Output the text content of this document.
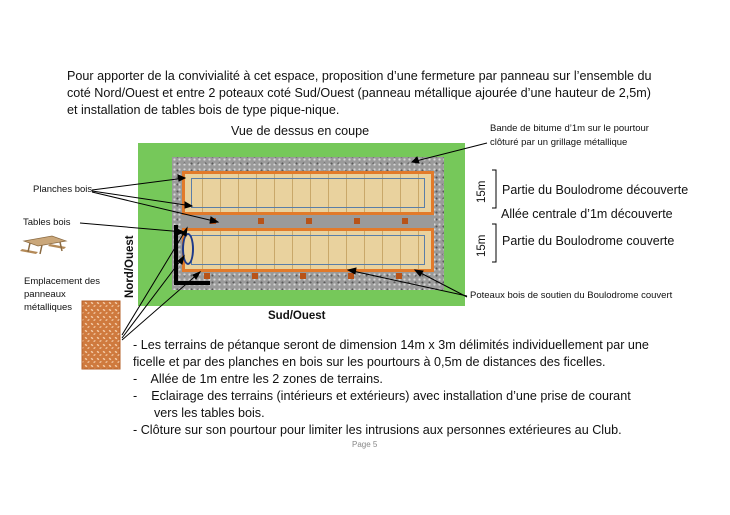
Pour apporter de la convivialité à cet espace, proposition d’une fermeture par panneau sur l’ensemble du
coté Nord/Ouest et entre 2 poteaux coté Sud/Ouest (panneau métallique ajourée d’une hauteur de 2,5m)
et installation de tables bois de type pique-nique.
Vue de dessus en coupe	Bande de bitume d’1m sur le pourtour
clôturé par un grillage métallique
Planches bois
Tables bois
Emplacement des
panneaux
métalliques
Poteaux bois de soutien du Boulodrome couvert
Nord/Ouest
Sud/Ouest
15m
15m
Partie du Boulodrome découverte
Allée centrale d’1m découverte
Partie du Boulodrome couverte
- Les terrains de pétanque seront de dimension 14m x 3m délimités individuellement par une
ficelle et par des planches en bois sur les pourtours à 0,5m de distances des ficelles.
-    Allée de 1m entre les 2 zones de terrains.
-    Eclairage des terrains (intérieurs et extérieurs) avec installation d’une prise de courant
vers les tables bois.
- Clôture sur son pourtour pour limiter les intrusions aux personnes extérieures au Club.
Page 5
